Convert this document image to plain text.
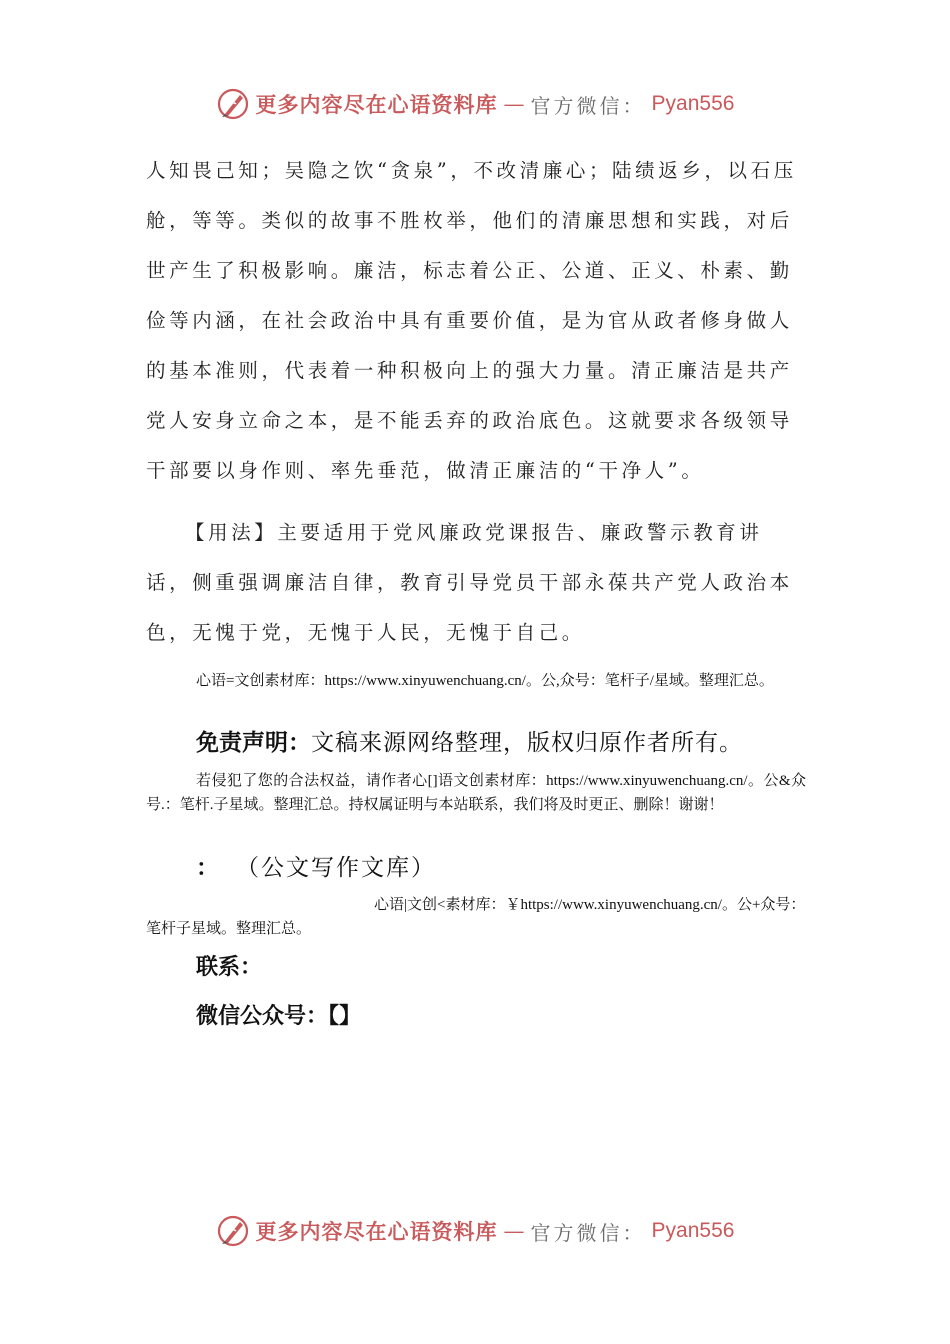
更多内容尽在心语资料库 — 官方微信： Pyan556

人知畏己知；吴隐之饮“贪泉”，不改清廉心；陆绩返乡，以石压舱，等等。类似的故事不胜枚举，他们的清廉思想和实践，对后世产生了积极影响。廉洁，标志着公正、公道、正义、朴素、勤俭等内涵，在社会政治中具有重要价值，是为官从政者修身做人的基本准则，代表着一种积极向上的强大力量。清正廉洁是共产党人安身立命之本，是不能丢弃的政治底色。这就要求各级领导干部要以身作则、率先垂范，做清正廉洁的“干净人”。

【用法】主要适用于党风廉政党课报告、廉政警示教育讲话，侧重强调廉洁自律，教育引导党员干部永葆共产党人政治本色，无愧于党，无愧于人民，无愧于自己。

心语=文创素材库：https://www.xinyuwenchuang.cn/。公,众号：笔杆子/星域。整理汇总。

免责声明：文稿来源网络整理，版权归原作者所有。

若侵犯了您的合法权益，请作者心[]语文创素材库：https://www.xinyuwenchuang.cn/。公&众号.：笔杆.子星域。整理汇总。持权属证明与本站联系，我们将及时更正、删除！谢谢！

： （公文写作文库）

心语|文创<素材库：￥https://www.xinyuwenchuang.cn/。公+众号：笔杆子星域。整理汇总。

联系：
微信公众号：【】
更多内容尽在心语资料库 — 官方微信： Pyan556
